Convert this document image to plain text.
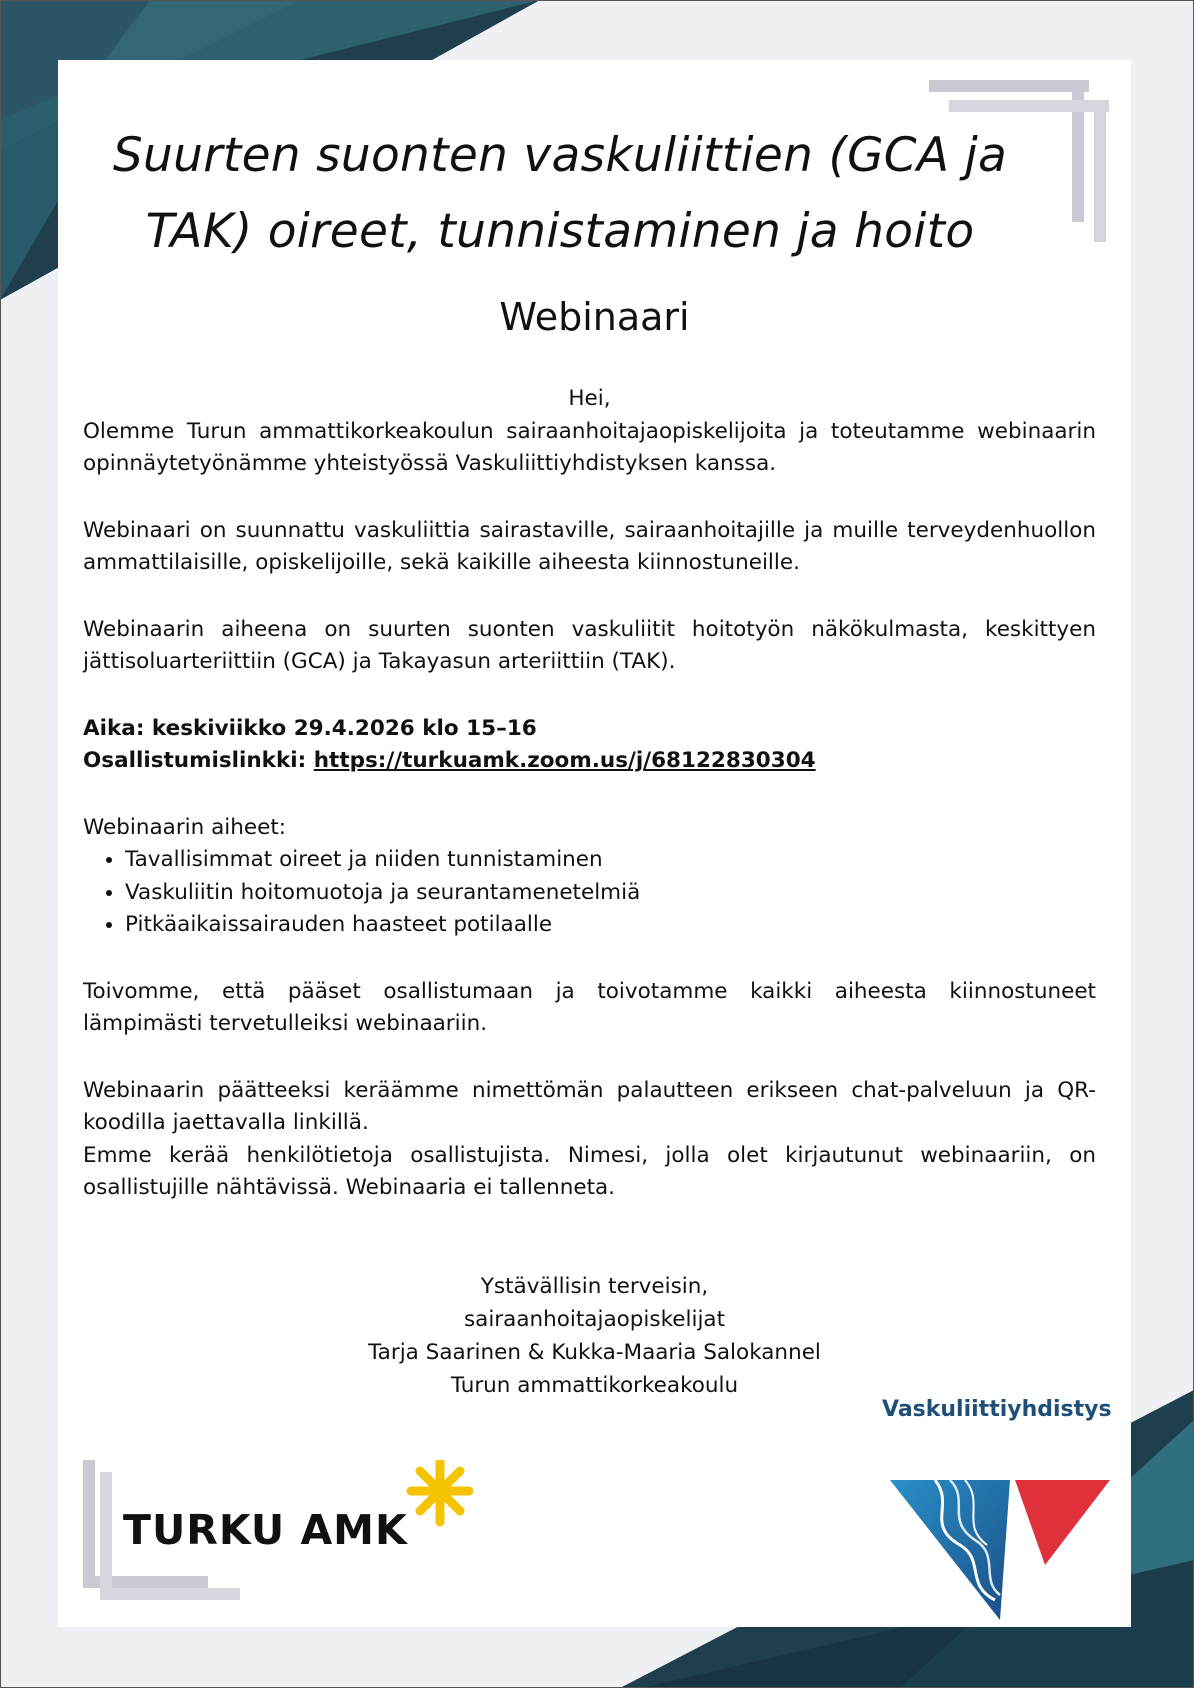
Suurten suonten vaskuliittien (GCA ja
TAK) oireet, tunnistaminen ja hoito
Webinaari

Hei,

Olemme Turun ammattikorkeakoulun sairaanhoitajaopiskelijoita ja toteutamme webinaarin opinnäytetyönämme yhteistyössä Vaskuliittiyhdistyksen kanssa.

Webinaari on suunnattu vaskuliittia sairastaville, sairaanhoitajille ja muille terveydenhuollon ammattilaisille, opiskelijoille, sekä kaikille aiheesta kiinnostuneille.

Webinaarin aiheena on suurten suonten vaskuliitit hoitotyön näkökulmasta, keskittyen jättisoluarteriittiin (GCA) ja Takayasun arteriittiin (TAK).

Aika: keskiviikko 29.4.2026 klo 15–16

Osallistumislinkki: https://turkuamk.zoom.us/j/68122830304

Webinaarin aiheet:

• Tavallisimmat oireet ja niiden tunnistaminen
• Vaskuliitin hoitomuotoja ja seurantamenetelmiä
• Pitkäaikaissairauden haasteet potilaalle

Toivomme, että pääset osallistumaan ja toivotamme kaikki aiheesta kiinnostuneet lämpimästi tervetulleiksi webinaariin.

Webinaarin päätteeksi keräämme nimettömän palautteen erikseen chat-palveluun ja QR-koodilla jaettavalla linkillä.

Emme kerää henkilötietoja osallistujista. Nimesi, jolla olet kirjautunut webinaariin, on osallistujille nähtävissä. Webinaaria ei tallenneta.

Ystävällisin terveisin,
sairaanhoitajaopiskelijat
Tarja Saarinen & Kukka-Maaria Salokannel
Turun ammattikorkeakoulu
TURKU AMK
Vaskuliittiyhdistys
